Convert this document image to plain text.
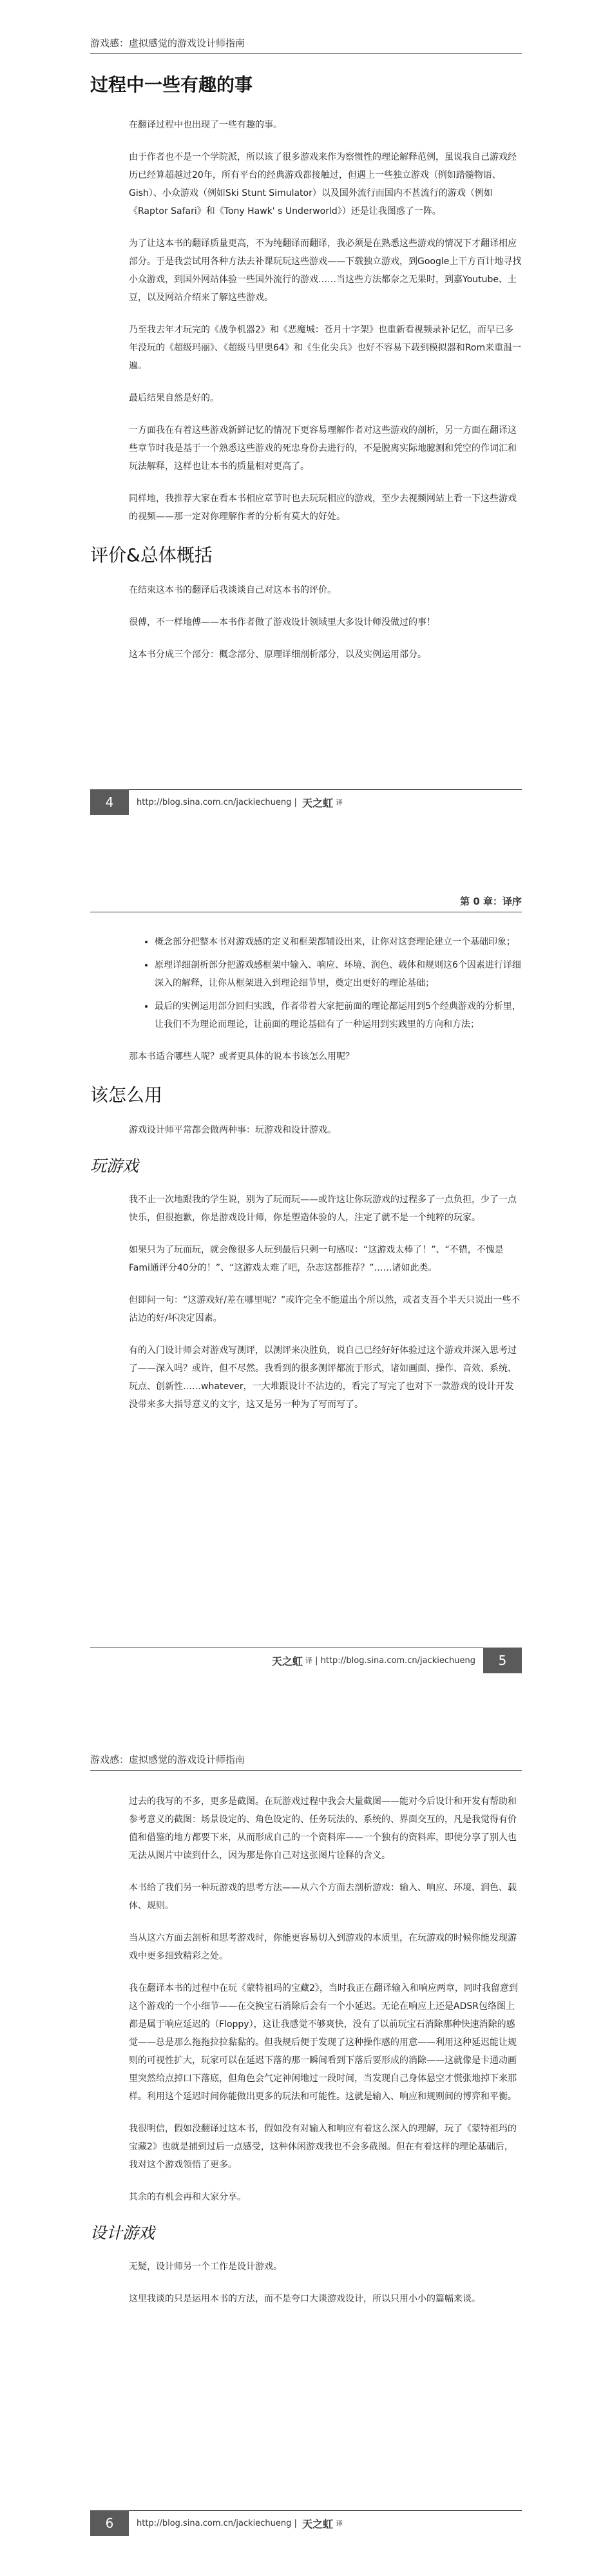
游戏感：虚拟感觉的游戏设计师指南
过程中一些有趣的事

在翻译过程中也出现了一些有趣的事。

由于作者也不是一个学院派，所以该了很多游戏来作为察惯性的理论解释范例，虽说我自己游戏经历已经算超越过20年，所有平台的经典游戏都接触过，但遇上一些独立游戏（例如踏髓物语、Gish）、小众游戏（例如Ski Stunt Simulator）以及国外流行而国内不甚流行的游戏（例如《Raptor Safari》和《Tony Hawk' s Underworld》）还是让我图惑了一阵。

为了让这本书的翻译质量更高，不为纯翻译而翻译，我必须是在熟悉这些游戏的情况下才翻译相应部分。于是我尝试用各种方法去补课玩玩这些游戏——下载独立游戏，到Google上干方百计地寻找小众游戏，到国外网站体验一些国外流行的游戏……当这些方法都奈之无果时，到嘉Youtube、土豆，以及网站介绍来了解这些游戏。

乃至我去年才玩完的《战争机器2》和《恶魔城：苍月十字架》也重新看视频录补记忆，而早已多年没玩的《超级玛丽》、《超级马里奥64》和《生化尖兵》也好不容易下载到模拟器和Rom来重温一遍。

最后结果自然是好的。

一方面我在有着这些游戏新鲜记忆的情况下更容易理解作者对这些游戏的剖析，另一方面在翻译这些章节时我是基于一个熟悉这些游戏的死忠身份去进行的，不是脱离实际地臆测和凭空的作词汇和玩法解释，这样也让本书的质量相对更高了。

同样地，我推荐大家在看本书相应章节时也去玩玩相应的游戏，至少去视频网站上看一下这些游戏的视频——那一定对你理解作者的分析有莫大的好处。

评价&总体概括

在结束这本书的翻译后我谈谈自己对这本书的评价。

很傅，不一样地傅——本书作者做了游戏设计领域里大多设计师没做过的事！

这本书分成三个部分：概念部分、原理详细剖析部分，以及实例运用部分。

4	http://blog.sina.com.cn/jackiechueng | 天之虹 译
第 0 章：译序
• 概念部分把整本书对游戏感的定义和框架都辅设出来，让你对这套理论建立一个基础印象；
• 原理详细剖析部分把游戏感框架中输入、响应、环境、润色、载体和规则这6个因素进行详细深入的解释，让你从框架进入到理论细节里，奠定出更好的理论基础；
• 最后的实例运用部分回归实践，作者带着大家把前面的理论都运用到5个经典游戏的分析里，让我们不为理论而理论，让前面的理论基础有了一种运用到实践里的方向和方法；

那本书适合哪些人呢？或者更具体的说本书该怎么用呢？

该怎么用

游戏设计师平常都会做两种事：玩游戏和设计游戏。

玩游戏

我不止一次地跟我的学生说，别为了玩而玩——或许这让你玩游戏的过程多了一点负担，少了一点快乐，但很抱歉，你是游戏设计师，你是塑造体验的人，注定了就不是一个纯粹的玩家。

如果只为了玩而玩，就会像很多人玩到最后只剩一句感叹：“这游戏太棒了！”、“不错，不愧是Fami通评分40分的！”、“这游戏太难了吧，杂志这都推荐？”……诸如此类。

但即问一句：“这游戏好/差在哪里呢？”或许完全不能道出个所以然，或者支吾个半天只说出一些不沾边的好/坏决定因素。

有的入门设计师会对游戏写测评，以测评来决胜负，说自己已经好好体验过这个游戏并深入思考过了——深入吗？或许，但不尽然。我看到的很多测评都流于形式，诸如画面、操作、音效、系统、玩点、创新性……whatever，一大堆跟设计不沾边的，看完了写完了也对下一款游戏的设计开发没带来多大指导意义的文字，这又是另一种为了写而写了。

天之虹 译 | http://blog.sina.com.cn/jackiechueng	5
游戏感：虚拟感觉的游戏设计师指南

过去的我写的不多，更多是截图。在玩游戏过程中我会大量截图——能对今后设计和开发有帮助和参考意义的截图：场景设定的、角色设定的、任务玩法的、系统的、界面交互的，凡是我觉得有价值和借鉴的地方都要下来，从而形成自己的一个资料库——一个独有的资料库，即使分享了别人也无法从图片中读到什么，因为那是你自己对这张图片诠释的含义。

本书给了我们另一种玩游戏的思考方法——从六个方面去剖析游戏：输入、响应、环境、润色、载体、规则。

当从这六方面去剖析和思考游戏时，你能更容易切入到游戏的本质里，在玩游戏的时候你能发现游戏中更多细致精彩之处。

我在翻译本书的过程中在玩《蒙特祖玛的宝藏2》，当时我正在翻译输入和响应两章，同时我留意到这个游戏的一个小细节——在交换宝石消除后会有一个小延迟。无论在响应上还是ADSR包络图上都是属于响应延迟的（Floppy），这让我感觉不够爽快，没有了以前玩宝石消除那种快速消除的感觉——总是那么拖拖拉拉黏黏的。但我规后便于发现了这种操作感的用意——利用这种延迟能让规则的可视性扩大，玩家可以在延迟下落的那一瞬间看到下落后要形成的消除——这就像是卡通动画里突然给点掉口下落底，但角色会气定神闲地过一段时间，当发现自己身体悬空才慌张地掉下来那样。利用这个延迟时间你能做出更多的玩法和可能性。这就是输入、响应和规则间的博弈和平衡。

我很明信，假如没翻译过这本书，假如没有对输入和响应有着这么深入的理解，玩了《蒙特祖玛的宝藏2》也就是捕到过后一点感受，这种休闲游戏我也不会多截图。但在有着这样的理论基础后，我对这个游戏领悟了更多。

其余的有机会再和大家分享。

设计游戏

无疑，设计师另一个工作是设计游戏。

这里我谈的只是运用本书的方法，而不是夸口大谈游戏设计，所以只用小小的篇幅来谈。

6	http://blog.sina.com.cn/jackiechueng | 天之虹 译
